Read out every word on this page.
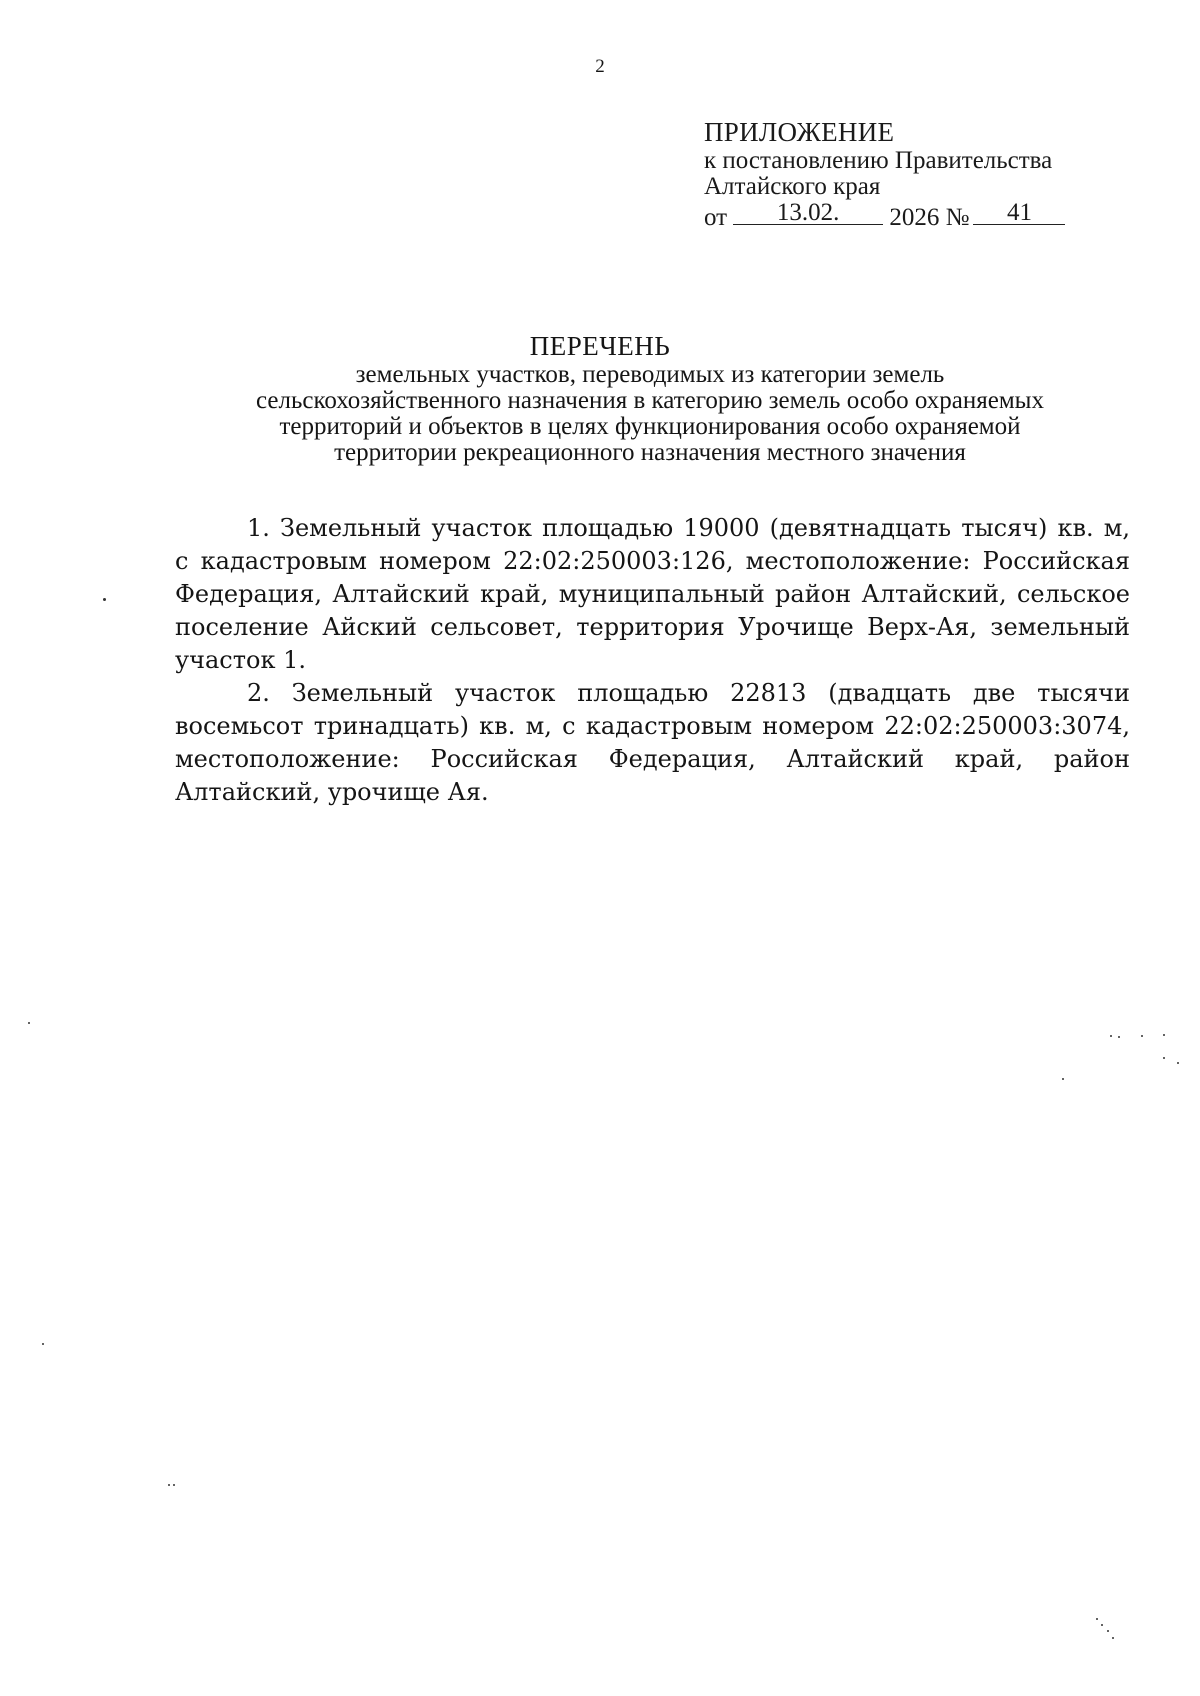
2
ПРИЛОЖЕНИЕ
к постановлению Правительства
Алтайского края
от	13.02.	2026 №	41
ПЕРЕЧЕНЬ
земельных участков, переводимых из категории земель
сельскохозяйственного назначения в категорию земель особо охраняемых
территорий и объектов в целях функционирования особо охраняемой
территории рекреационного назначения местного значения

1. Земельный участок площадью 19000 (девятнадцать тысяч) кв. м, с кадастровым номером 22:02:250003:126, местоположение: Российская Федерация, Алтайский край, муниципальный район Алтайский, сельское поселение Айский сельсовет, территория Урочище Верх-Ая, земельный участок 1.

2. Земельный участок площадью 22813 (двадцать две тысячи восемьсот тринадцать) кв. м, с кадастровым номером 22:02:250003:3074, местоположение: Российская Федерация, Алтайский край, район Алтайский, урочище Ая.
